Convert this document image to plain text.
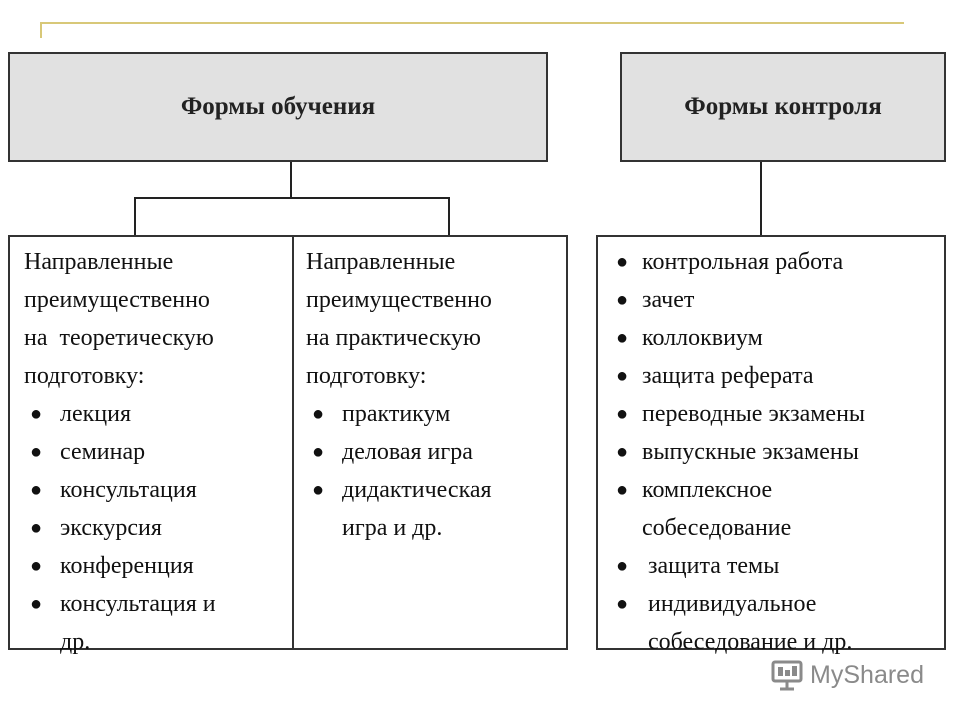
Формы обучения	Формы контроля
Направленные
преимущественно
на  теоретическую
подготовку:
● лекция
● семинар
● консультация
● экскурсия
● конференция
● консультация и др.
Направленные
преимущественно
на практическую
подготовку:
● практикум
● деловая игра
● дидактическая игра и др.
● контрольная работа
● зачет
● коллоквиум
● защита реферата
● переводные экзамены
● выпускные экзамены
● комплексное собеседование
● защита темы
● индивидуальное собеседование и др.
MyShared
